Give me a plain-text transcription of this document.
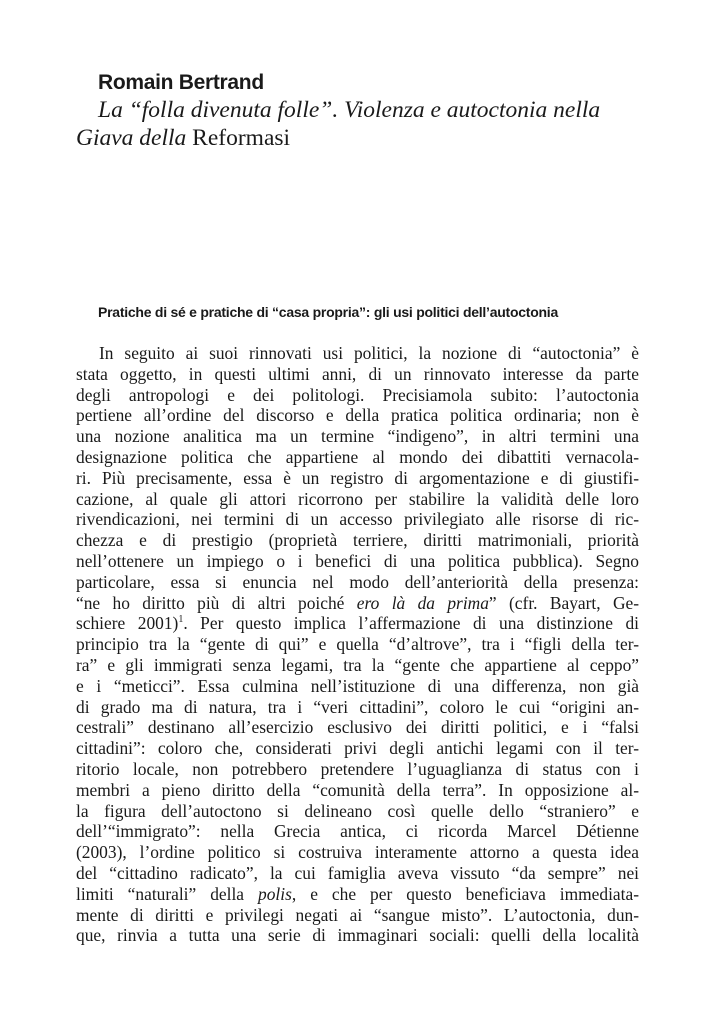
Romain Bertrand
La “folla divenuta folle”. Violenza e autoctonia nella
Giava della Reformasi
Pratiche di sé e pratiche di “casa propria”: gli usi politici dell’autoctonia
In seguito ai suoi rinnovati usi politici, la nozione di “autoctonia” è
stata oggetto, in questi ultimi anni, di un rinnovato interesse da parte
degli antropologi e dei politologi. Precisiamola subito: l’autoctonia
pertiene all’ordine del discorso e della pratica politica ordinaria; non è
una nozione analitica ma un termine “indigeno”, in altri termini una
designazione politica che appartiene al mondo dei dibattiti vernacola-
ri. Più precisamente, essa è un registro di argomentazione e di giustifi-
cazione, al quale gli attori ricorrono per stabilire la validità delle loro
rivendicazioni, nei termini di un accesso privilegiato alle risorse di ric-
chezza e di prestigio (proprietà terriere, diritti matrimoniali, priorità
nell’ottenere un impiego o i benefici di una politica pubblica). Segno
particolare, essa si enuncia nel modo dell’anteriorità della presenza:
“ne ho diritto più di altri poiché ero là da prima” (cfr. Bayart, Ge-
schiere 2001)$^1$. Per questo implica l’affermazione di una distinzione di
principio tra la “gente di qui” e quella “d’altrove”, tra i “figli della ter-
ra” e gli immigrati senza legami, tra la “gente che appartiene al ceppo”
e i “meticci”. Essa culmina nell’istituzione di una differenza, non già
di grado ma di natura, tra i “veri cittadini”, coloro le cui “origini an-
cestrali” destinano all’esercizio esclusivo dei diritti politici, e i “falsi
cittadini”: coloro che, considerati privi degli antichi legami con il ter-
ritorio locale, non potrebbero pretendere l’uguaglianza di status con i
membri a pieno diritto della “comunità della terra”. In opposizione al-
la figura dell’autoctono si delineano così quelle dello “straniero” e
dell’“immigrato”: nella Grecia antica, ci ricorda Marcel Détienne
(2003), l’ordine politico si costruiva interamente attorno a questa idea
del “cittadino radicato”, la cui famiglia aveva vissuto “da sempre” nei
limiti “naturali” della polis, e che per questo beneficiava immediata-
mente di diritti e privilegi negati ai “sangue misto”. L’autoctonia, dun-
que, rinvia a tutta una serie di immaginari sociali: quelli della località
